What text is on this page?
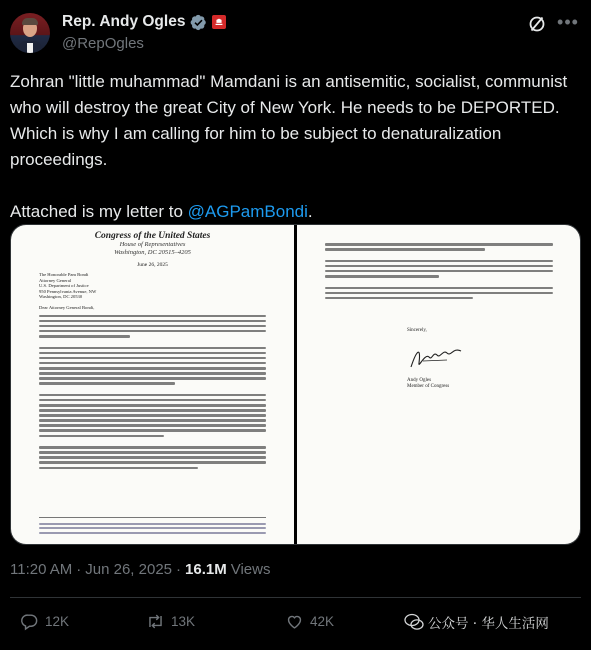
Rep. Andy Ogles
@RepOgles
•••

Zohran "little muhammad" Mamdani is an antisemitic, socialist, communist who will destroy the great City of New York. He needs to be DEPORTED. Which is why I am calling for him to be subject to denaturalization proceedings.

Attached is my letter to @AGPamBondi.

Congress of the United States
House of Representatives
Washington, DC 20515–4205
June 26, 2025
The Honorable Pam Bondi
Attorney General
U.S. Department of Justice
950 Pennsylvania Avenue, NW
Washington, DC 20530
Dear Attorney General Bondi,
Sincerely,
Andy Ogles
Member of Congress
11:20 AM · Jun 26, 2025 · 16.1M Views
12K	13K	42K	公众号 · 华人生活网
